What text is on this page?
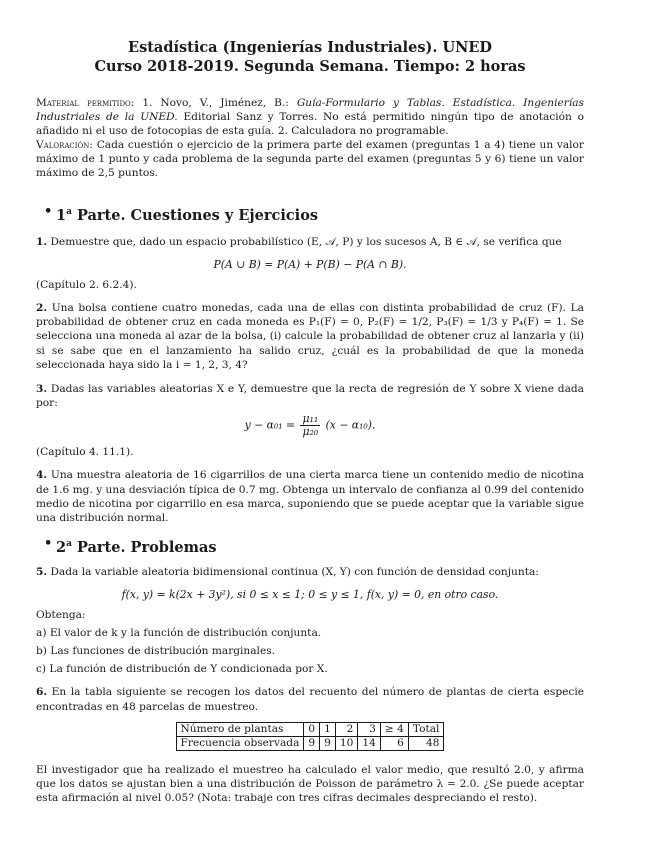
Estadística (Ingenierías Industriales). UNED
Curso 2018-2019. Segunda Semana. Tiempo: 2 horas
Material permitido: 1. Novo, V., Jiménez, B.: Guía-Formulario y Tablas. Estadística. Ingenierías Industriales de la UNED. Editorial Sanz y Torres. No está permitido ningún tipo de anotación o añadido ni el uso de fotocopias de esta guía. 2. Calculadora no programable.
Valoración: Cada cuestión o ejercicio de la primera parte del examen (preguntas 1 a 4) tiene un valor máximo de 1 punto y cada problema de la segunda parte del examen (preguntas 5 y 6) tiene un valor máximo de 2,5 puntos.
• 1$^a$ Parte. Cuestiones y Ejercicios
1. Demuestre que, dado un espacio probabilístico (E, 𝒜, P) y los sucesos A, B ∈ 𝒜, se verifica que
P(A ∪ B) = P(A) + P(B) − P(A ∩ B).
(Capítulo 2. 6.2.4).
2. Una bolsa contiene cuatro monedas, cada una de ellas con distinta probabilidad de cruz (F). La probabilidad de obtener cruz en cada moneda es P₁(F) = 0, P₂(F) = 1/2, P₃(F) = 1/3 y P₄(F) = 1. Se selecciona una moneda al azar de la bolsa, (i) calcule la probabilidad de obtener cruz al lanzarla y (ii) si se sabe que en el lanzamiento ha salido cruz, ¿cuál es la probabilidad de que la moneda seleccionada haya sido la i = 1, 2, 3, 4?
3. Dadas las variables aleatorias X e Y, demuestre que la recta de regresión de Y sobre X viene dada por:
$y - \alpha_{01} = \frac{\text{μ₁₁}}{\text{μ₂₀}} (x - \alpha_{10})$.
(Capítulo 4. 11.1).
4. Una muestra aleatoria de 16 cigarrillos de una cierta marca tiene un contenido medio de nicotina de 1.6 mg. y una desviación típica de 0.7 mg. Obtenga un intervalo de confianza al 0.99 del contenido medio de nicotina por cigarrillo en esa marca, suponiendo que se puede aceptar que la variable sigue una distribución normal.
• 2$^a$ Parte. Problemas
5. Dada la variable aleatoria bidimensional continua (X, Y) con función de densidad conjunta:
f(x, y) = k(2x + 3y²), si 0 ≤ x ≤ 1; 0 ≤ y ≤ 1, f(x, y) = 0, en otro caso.
Obtenga:
a) El valor de k y la función de distribución conjunta.
b) Las funciones de distribución marginales.
c) La función de distribución de Y condicionada por X.
6. En la tabla siguiente se recogen los datos del recuento del número de plantas de cierta especie encontradas en 48 parcelas de muestreo.
Número de plantas	0	1	2	3	≥ 4	Total
Frecuencia observada	9	9	10	14	6	48
El investigador que ha realizado el muestreo ha calculado el valor medio, que resultó 2.0, y afirma que los datos se ajustan bien a una distribución de Poisson de parámetro λ = 2.0. ¿Se puede aceptar esta afirmación al nivel 0.05? (Nota: trabaje con tres cifras decimales despreciando el resto).
